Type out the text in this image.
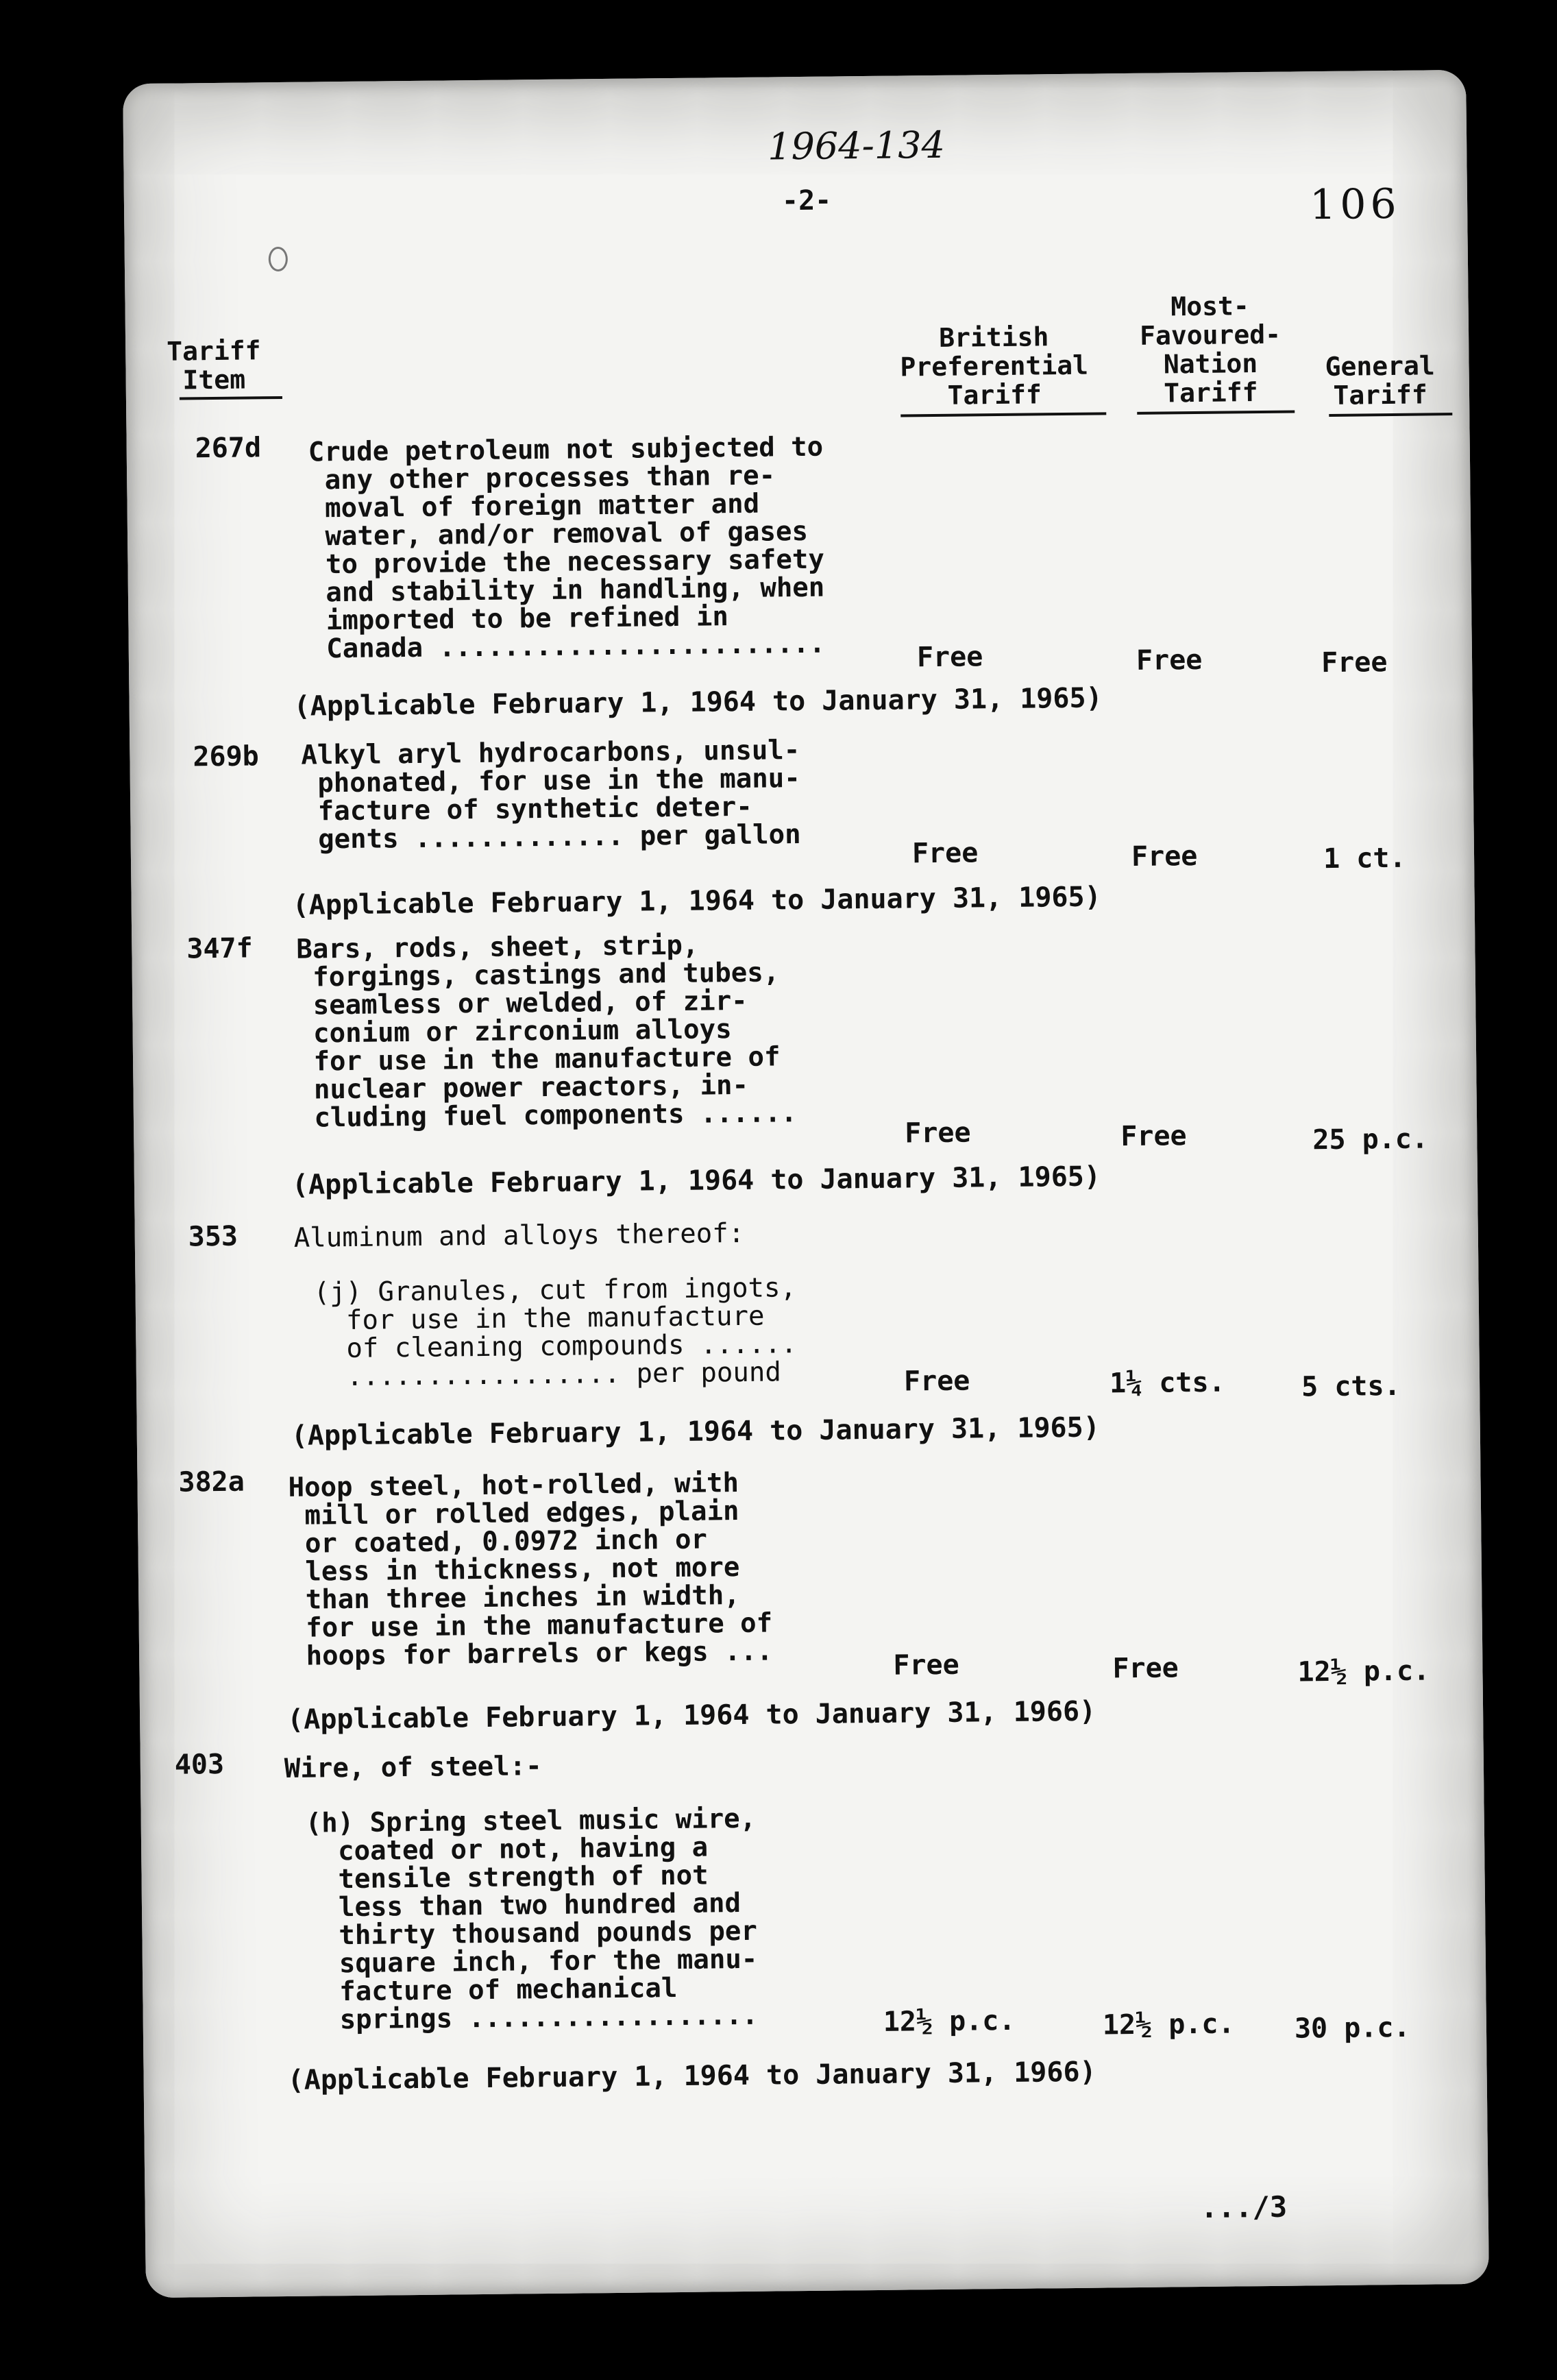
1964-134
-2-	106
Tariff
Item
British
Preferential
Tariff
Most-
Favoured-
Nation
Tariff
General
Tariff
267d Crude petroleum not subjected to
any other processes than re-
moval of foreign matter and
water, and/or removal of gases
to provide the necessary safety
and stability in handling, when
imported to be refined in
Canada ........................	Free	Free	Free
(Applicable February 1, 1964 to January 31, 1965)
269b Alkyl aryl hydrocarbons, unsul-
phonated, for use in the manu-
facture of synthetic deter-
gents ............. per gallon	Free	Free	1 ct.
(Applicable February 1, 1964 to January 31, 1965)
347f Bars, rods, sheet, strip,
forgings, castings and tubes,
seamless or welded, of zir-
conium or zirconium alloys
for use in the manufacture of
nuclear power reactors, in-
cluding fuel components ......	Free	Free	25 p.c.
(Applicable February 1, 1964 to January 31, 1965)
353 Aluminum and alloys thereof:
(j) Granules, cut from ingots,
for use in the manufacture
of cleaning compounds ......
................. per pound	Free	1¼ cts.	5 cts.
(Applicable February 1, 1964 to January 31, 1965)
382a Hoop steel, hot-rolled, with
mill or rolled edges, plain
or coated, 0.0972 inch or
less in thickness, not more
than three inches in width,
for use in the manufacture of
hoops for barrels or kegs ...	Free	Free	12½ p.c.
(Applicable February 1, 1964 to January 31, 1966)
403 Wire, of steel:-
(h) Spring steel music wire,
coated or not, having a
tensile strength of not
less than two hundred and
thirty thousand pounds per
square inch, for the manu-
facture of mechanical
springs ..................	12½ p.c.	12½ p.c. 30 p.c.
(Applicable February 1, 1964 to January 31, 1966)
.../3
